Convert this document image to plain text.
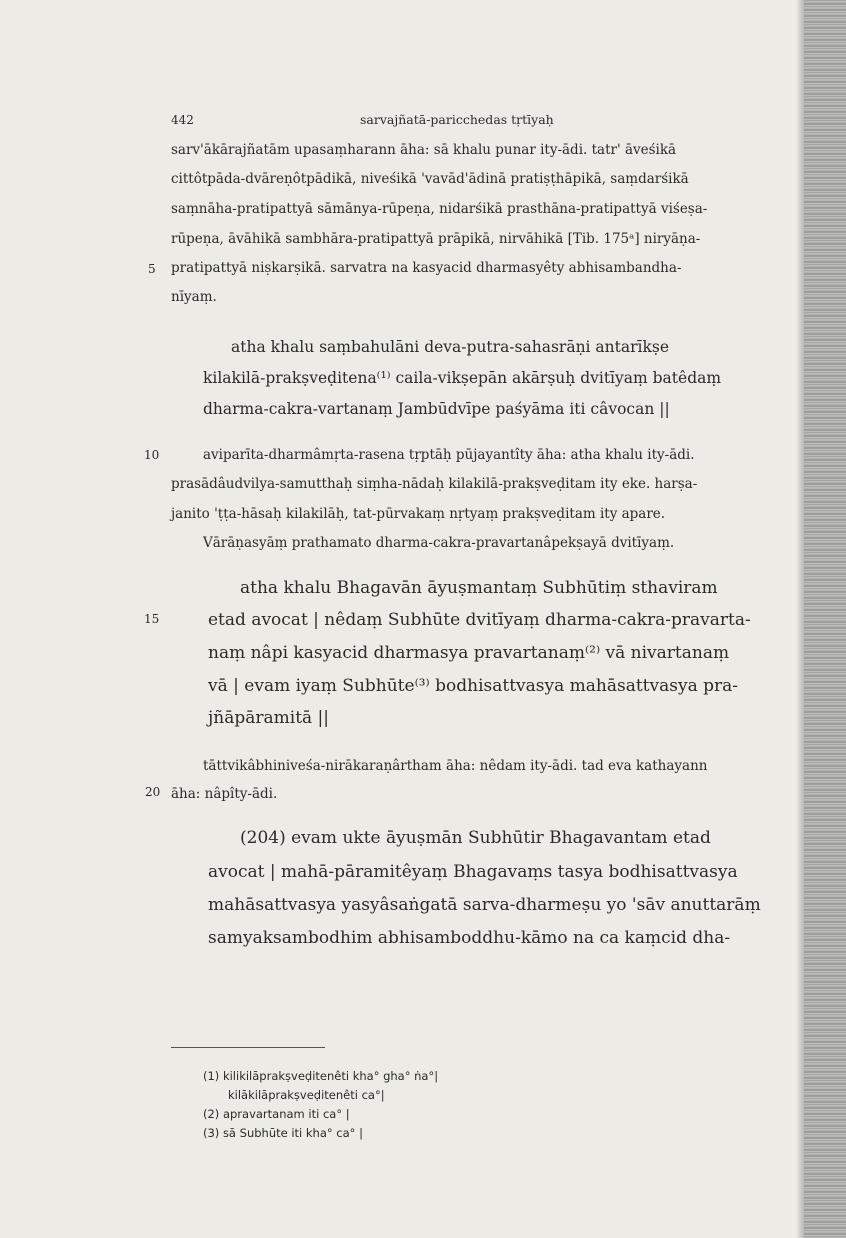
442	sarvajñatā-paricchedas tṛtīyaḥ
5
10
15
20
sarv'ākārajñatām upasaṃharann āha: sā khalu punar ity-ādi. tatr' āveśikā
cittôtpāda-dvāreṇôtpādikā, niveśikā 'vavād'ādinā pratiṣṭhāpikā, saṃdarśikā
saṃnāha-pratipattyā sāmānya-rūpeṇa, nidarśikā prasthāna-pratipattyā viśeṣa-
rūpeṇa, āvāhikā sambhāra-pratipattyā prāpikā, nirvāhikā [Tib. 175ᵃ] niryāṇa-
pratipattyā niṣkarṣikā. sarvatra na kasyacid dharmasyêty abhisambandha-
nīyaṃ.
atha khalu saṃbahulāni deva-putra-sahasrāṇi antarīkṣe
kilakilā-prakṣveḍitena⁽¹⁾ caila-vikṣepān akārṣuḥ dvitīyaṃ batêdaṃ
dharma-cakra-vartanaṃ Jambūdvīpe paśyāma iti câvocan ||
aviparīta-dharmâmṛta-rasena tṛptāḥ pūjayantîty āha: atha khalu ity-ādi.
prasādâudvilya-samutthaḥ siṃha-nādaḥ kilakilā-prakṣveḍitam ity eke. harṣa-
janito 'ṭṭa-hāsaḥ kilakilāḥ, tat-pūrvakaṃ nṛtyaṃ prakṣveḍitam ity apare.
Vārāṇasyāṃ prathamato dharma-cakra-pravartanâpekṣayā dvitīyaṃ.
atha khalu Bhagavān āyuṣmantaṃ Subhūtiṃ sthaviram
etad avocat | nêdaṃ Subhūte dvitīyaṃ dharma-cakra-pravarta-
naṃ nâpi kasyacid dharmasya pravartanaṃ⁽²⁾ vā nivartanaṃ
vā | evam iyaṃ Subhūte⁽³⁾ bodhisattvasya mahāsattvasya pra-
jñāpāramitā ||
tāttvikâbhiniveśa-nirākaraṇârtham āha: nêdam ity-ādi. tad eva kathayann
āha: nâpîty-ādi.
(204) evam ukte āyuṣmān Subhūtir Bhagavantam etad
avocat | mahā-pāramitêyaṃ Bhagavaṃs tasya bodhisattvasya
mahāsattvasya yasyâsaṅgatā sarva-dharmeṣu yo 'sāv anuttarāṃ
samyaksambodhim abhisamboddhu-kāmo na ca kaṃcid dha-
(1) kilikilāprakṣveḍitenêti kha° gha° ṅa°|
kilākilāprakṣveḍitenêti ca°|
(2) apravartanam iti ca° |
(3) sā Subhūte iti kha° ca° |
